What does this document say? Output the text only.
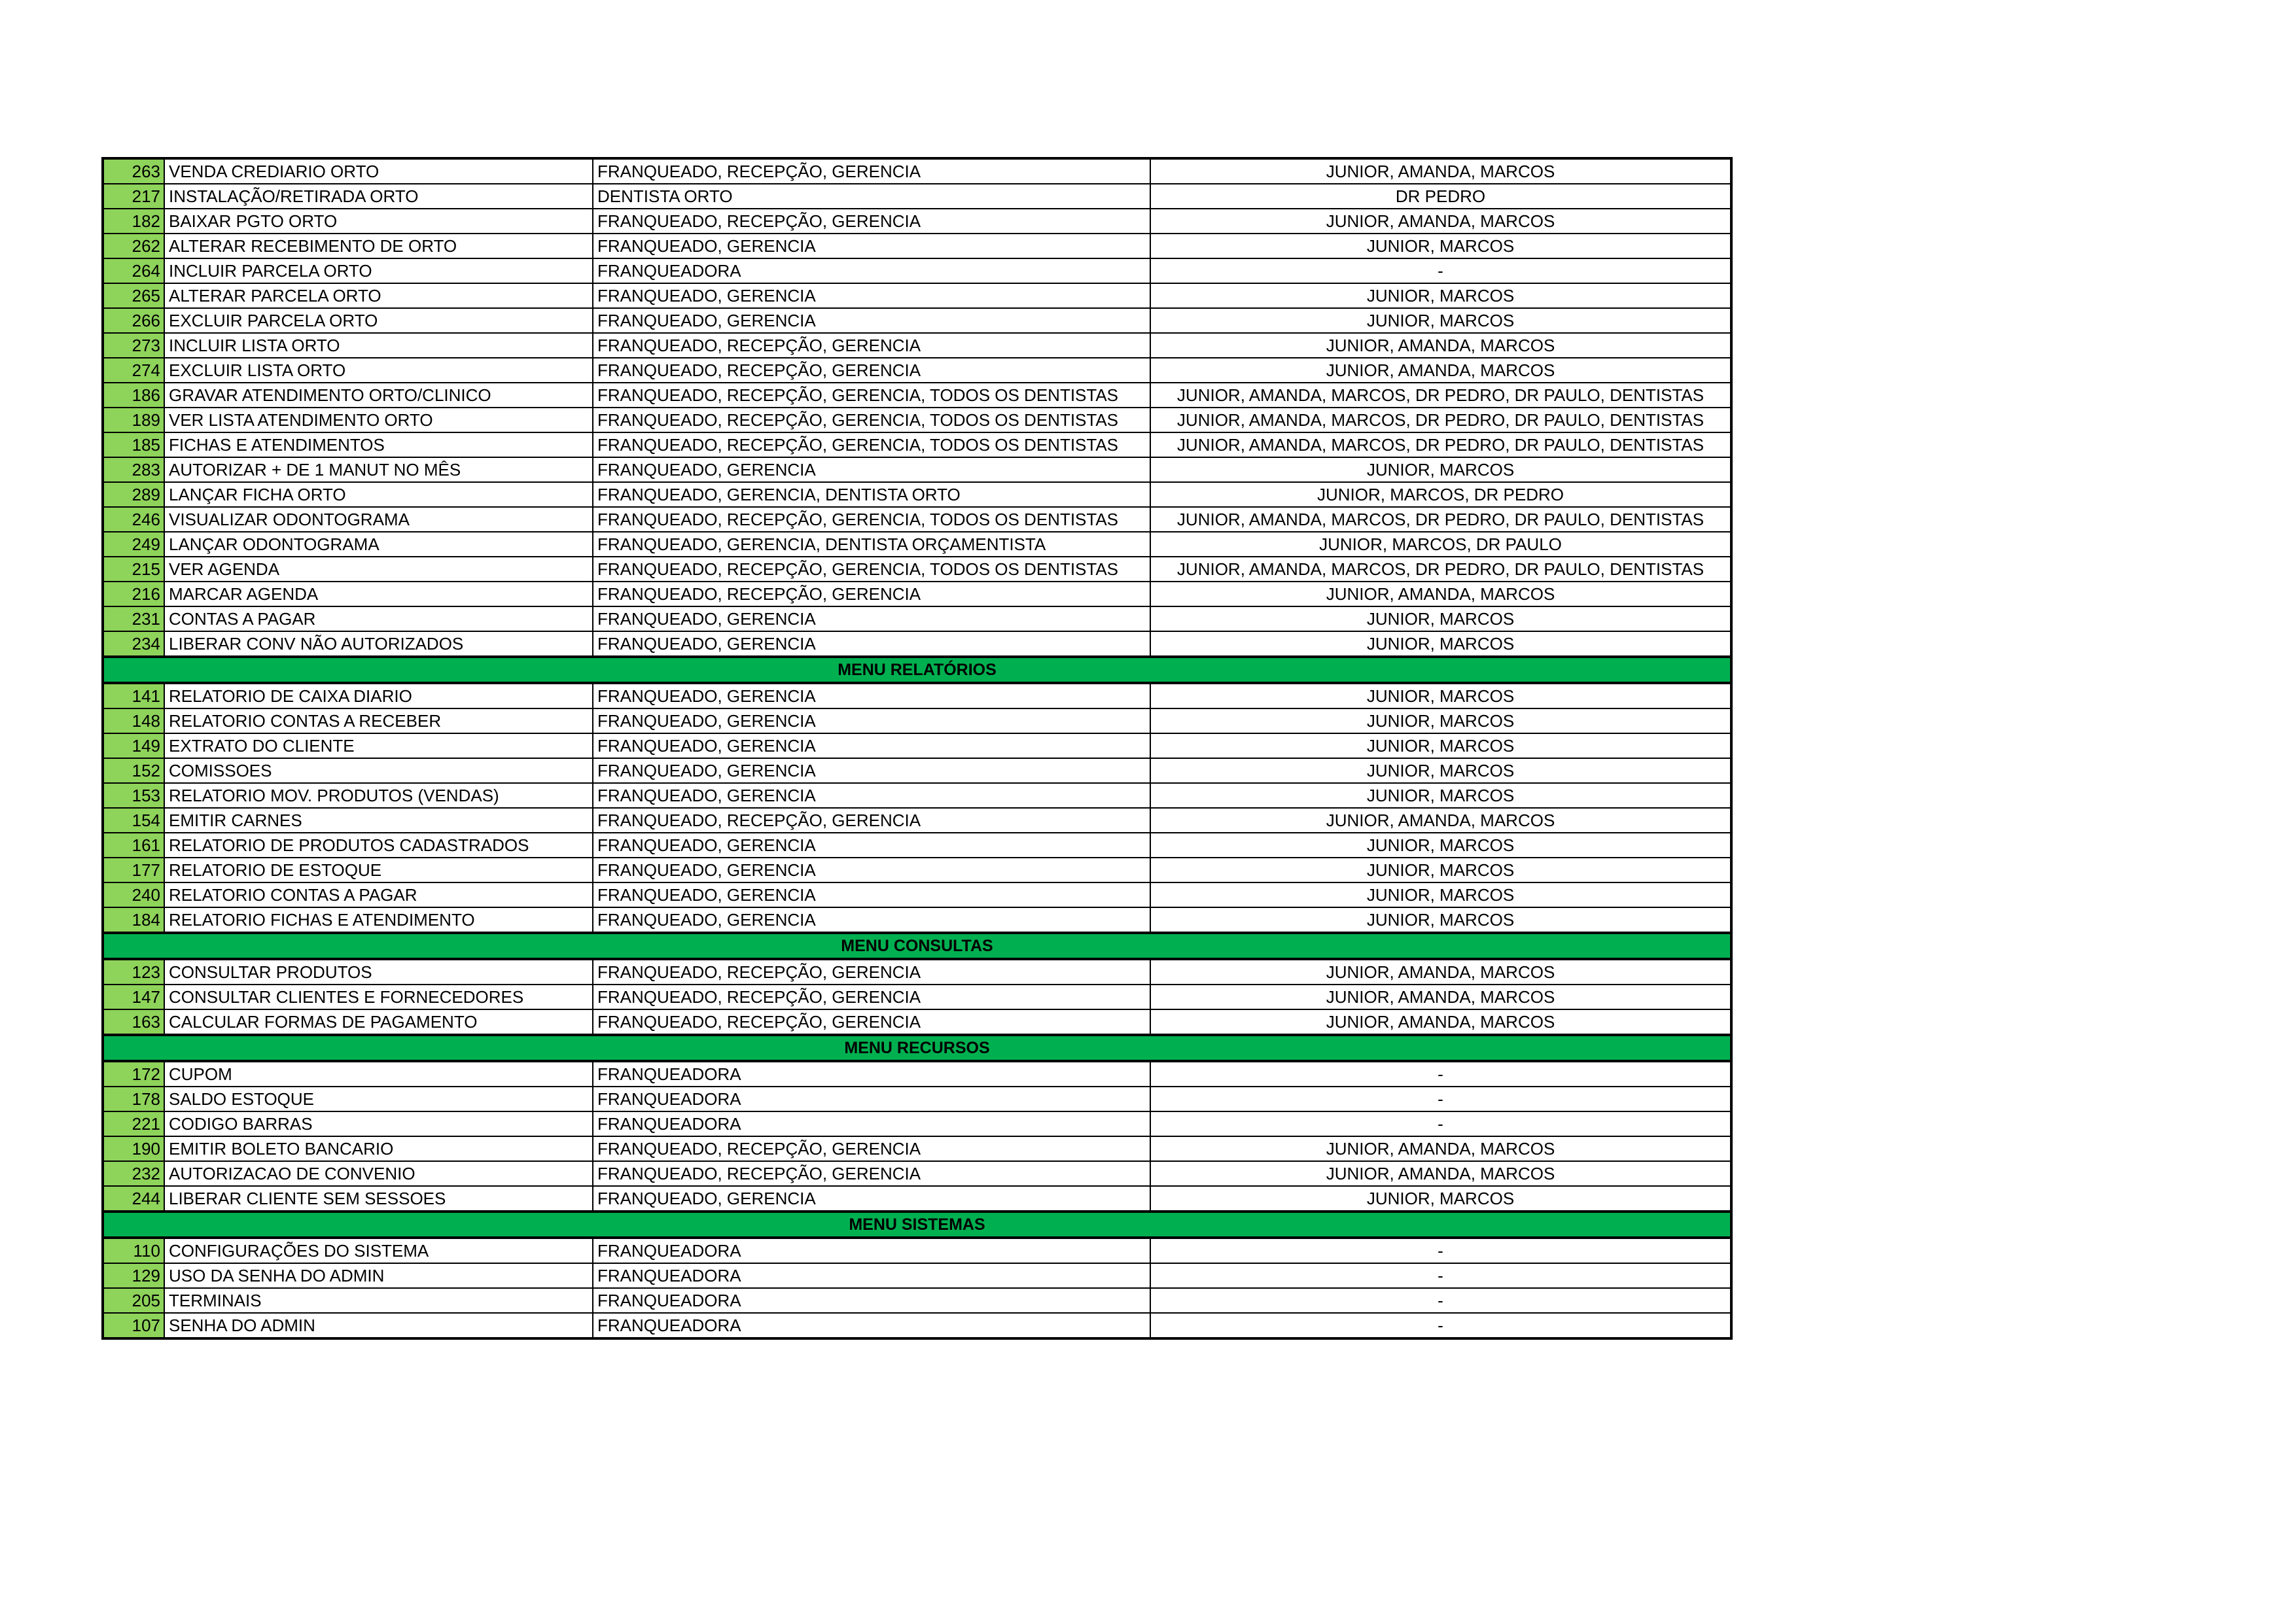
263	VENDA CREDIARIO ORTO	FRANQUEADO, RECEPÇÃO, GERENCIA	JUNIOR, AMANDA, MARCOS
217	INSTALAÇÃO/RETIRADA ORTO	DENTISTA ORTO	DR PEDRO
182	BAIXAR PGTO ORTO	FRANQUEADO, RECEPÇÃO, GERENCIA	JUNIOR, AMANDA, MARCOS
262	ALTERAR RECEBIMENTO DE ORTO	FRANQUEADO, GERENCIA	JUNIOR, MARCOS
264	INCLUIR PARCELA ORTO	FRANQUEADORA	-
265	ALTERAR PARCELA ORTO	FRANQUEADO, GERENCIA	JUNIOR, MARCOS
266	EXCLUIR PARCELA ORTO	FRANQUEADO, GERENCIA	JUNIOR, MARCOS
273	INCLUIR LISTA ORTO	FRANQUEADO, RECEPÇÃO, GERENCIA	JUNIOR, AMANDA, MARCOS
274	EXCLUIR LISTA ORTO	FRANQUEADO, RECEPÇÃO, GERENCIA	JUNIOR, AMANDA, MARCOS
186	GRAVAR ATENDIMENTO ORTO/CLINICO	FRANQUEADO, RECEPÇÃO, GERENCIA, TODOS OS DENTISTAS	JUNIOR, AMANDA, MARCOS, DR PEDRO, DR PAULO, DENTISTAS
189	VER LISTA ATENDIMENTO ORTO	FRANQUEADO, RECEPÇÃO, GERENCIA, TODOS OS DENTISTAS	JUNIOR, AMANDA, MARCOS, DR PEDRO, DR PAULO, DENTISTAS
185	FICHAS E ATENDIMENTOS	FRANQUEADO, RECEPÇÃO, GERENCIA, TODOS OS DENTISTAS	JUNIOR, AMANDA, MARCOS, DR PEDRO, DR PAULO, DENTISTAS
283	AUTORIZAR + DE 1 MANUT NO MÊS	FRANQUEADO, GERENCIA	JUNIOR, MARCOS
289	LANÇAR FICHA ORTO	FRANQUEADO, GERENCIA, DENTISTA ORTO	JUNIOR, MARCOS, DR PEDRO
246	VISUALIZAR ODONTOGRAMA	FRANQUEADO, RECEPÇÃO, GERENCIA, TODOS OS DENTISTAS	JUNIOR, AMANDA, MARCOS, DR PEDRO, DR PAULO, DENTISTAS
249	LANÇAR ODONTOGRAMA	FRANQUEADO, GERENCIA, DENTISTA ORÇAMENTISTA	JUNIOR, MARCOS, DR PAULO
215	VER AGENDA	FRANQUEADO, RECEPÇÃO, GERENCIA, TODOS OS DENTISTAS	JUNIOR, AMANDA, MARCOS, DR PEDRO, DR PAULO, DENTISTAS
216	MARCAR AGENDA	FRANQUEADO, RECEPÇÃO, GERENCIA	JUNIOR, AMANDA, MARCOS
231	CONTAS A PAGAR	FRANQUEADO, GERENCIA	JUNIOR, MARCOS
234	LIBERAR CONV NÃO AUTORIZADOS	FRANQUEADO, GERENCIA	JUNIOR, MARCOS
MENU RELATÓRIOS			
141	RELATORIO DE CAIXA DIARIO	FRANQUEADO, GERENCIA	JUNIOR, MARCOS
148	RELATORIO CONTAS A RECEBER	FRANQUEADO, GERENCIA	JUNIOR, MARCOS
149	EXTRATO DO CLIENTE	FRANQUEADO, GERENCIA	JUNIOR, MARCOS
152	COMISSOES	FRANQUEADO, GERENCIA	JUNIOR, MARCOS
153	RELATORIO MOV. PRODUTOS (VENDAS)	FRANQUEADO, GERENCIA	JUNIOR, MARCOS
154	EMITIR CARNES	FRANQUEADO, RECEPÇÃO, GERENCIA	JUNIOR, AMANDA, MARCOS
161	RELATORIO DE PRODUTOS CADASTRADOS	FRANQUEADO, GERENCIA	JUNIOR, MARCOS
177	RELATORIO DE ESTOQUE	FRANQUEADO, GERENCIA	JUNIOR, MARCOS
240	RELATORIO CONTAS A PAGAR	FRANQUEADO, GERENCIA	JUNIOR, MARCOS
184	RELATORIO FICHAS E ATENDIMENTO	FRANQUEADO, GERENCIA	JUNIOR, MARCOS
MENU CONSULTAS			
123	CONSULTAR PRODUTOS	FRANQUEADO, RECEPÇÃO, GERENCIA	JUNIOR, AMANDA, MARCOS
147	CONSULTAR CLIENTES E FORNECEDORES	FRANQUEADO, RECEPÇÃO, GERENCIA	JUNIOR, AMANDA, MARCOS
163	CALCULAR FORMAS DE PAGAMENTO	FRANQUEADO, RECEPÇÃO, GERENCIA	JUNIOR, AMANDA, MARCOS
MENU RECURSOS			
172	CUPOM	FRANQUEADORA	-
178	SALDO ESTOQUE	FRANQUEADORA	-
221	CODIGO BARRAS	FRANQUEADORA	-
190	EMITIR BOLETO BANCARIO	FRANQUEADO, RECEPÇÃO, GERENCIA	JUNIOR, AMANDA, MARCOS
232	AUTORIZACAO DE CONVENIO	FRANQUEADO, RECEPÇÃO, GERENCIA	JUNIOR, AMANDA, MARCOS
244	LIBERAR CLIENTE SEM SESSOES	FRANQUEADO, GERENCIA	JUNIOR, MARCOS
MENU SISTEMAS			
110	CONFIGURAÇÕES DO SISTEMA	FRANQUEADORA	-
129	USO DA SENHA DO ADMIN	FRANQUEADORA	-
205	TERMINAIS	FRANQUEADORA	-
107	SENHA DO ADMIN	FRANQUEADORA	-
